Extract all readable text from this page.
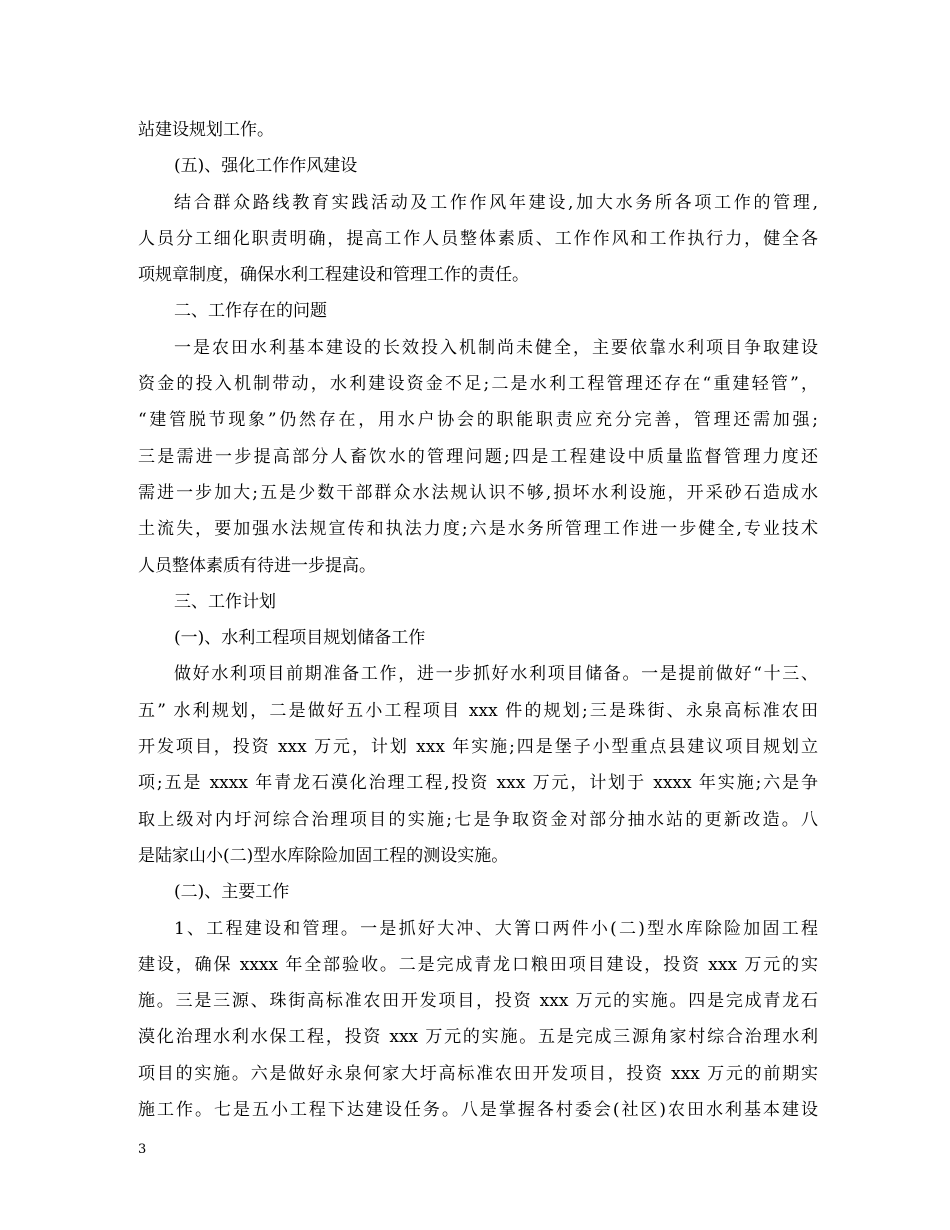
站建设规划工作。
(五)、强化工作作风建设
结合群众路线教育实践活动及工作作风年建设,加大水务所各项工作的管理,
人员分工细化职责明确，提高工作人员整体素质、工作作风和工作执行力，健全各
项规章制度，确保水利工程建设和管理工作的责任。
二、工作存在的问题
一是农田水利基本建设的长效投入机制尚未健全，主要依靠水利项目争取建设
资金的投入机制带动，水利建设资金不足;二是水利工程管理还存在“重建轻管”，
“建管脱节现象”仍然存在，用水户协会的职能职责应充分完善，管理还需加强;
三是需进一步提高部分人畜饮水的管理问题;四是工程建设中质量监督管理力度还
需进一步加大;五是少数干部群众水法规认识不够,损坏水利设施，开采砂石造成水
土流失，要加强水法规宣传和执法力度;六是水务所管理工作进一步健全,专业技术
人员整体素质有待进一步提高。
三、工作计划
(一)、水利工程项目规划储备工作
做好水利项目前期准备工作，进一步抓好水利项目储备。一是提前做好“十三、
五” 水利规划，二是做好五小工程项目 xxx 件的规划;三是珠街、永泉高标准农田
开发项目，投资 xxx 万元，计划 xxx 年实施;四是堡子小型重点县建议项目规划立
项;五是 xxxx 年青龙石漠化治理工程,投资 xxx 万元，计划于 xxxx 年实施;六是争
取上级对内圩河综合治理项目的实施;七是争取资金对部分抽水站的更新改造。八
是陆家山小(二)型水库除险加固工程的测设实施。
(二)、主要工作
1、工程建设和管理。一是抓好大冲、大箐口两件小(二)型水库除险加固工程
建设，确保 xxxx 年全部验收。二是完成青龙口粮田项目建设，投资 xxx 万元的实
施。三是三源、珠街高标准农田开发项目，投资 xxx 万元的实施。四是完成青龙石
漠化治理水利水保工程，投资 xxx 万元的实施。五是完成三源角家村综合治理水利
项目的实施。六是做好永泉何家大圩高标准农田开发项目，投资 xxx 万元的前期实
施工作。七是五小工程下达建设任务。八是掌握各村委会(社区)农田水利基本建设
3
